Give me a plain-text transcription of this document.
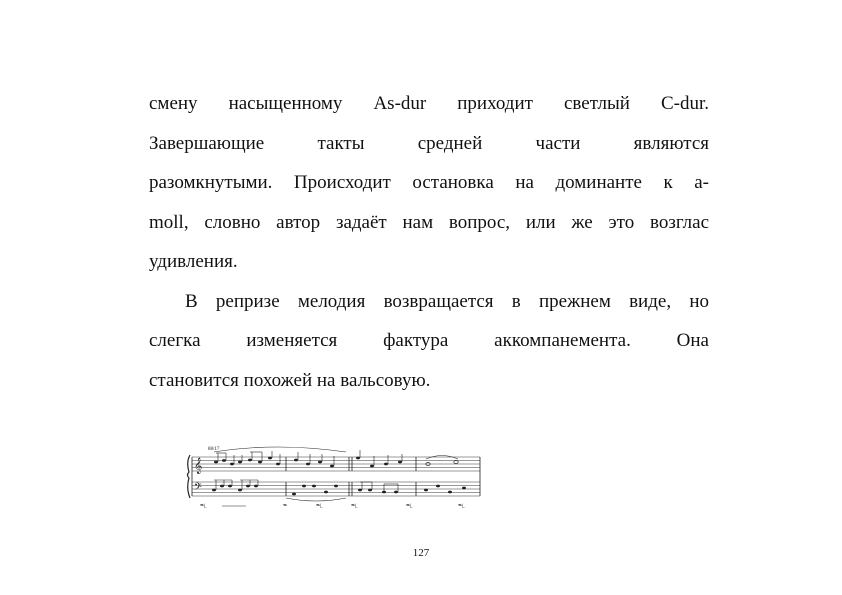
смену насыщенному As-dur приходит светлый C-dur.
Завершающие такты средней части являются
разомкнутыми. Происходит остановка на доминанте к a-
moll, словно автор задаёт нам вопрос, или же это возглас
удивления.

В репризе мелодия возвращается в прежнем виде, но
слегка изменяется фактура аккомпанемента. Она
становится похожей на вальсовую.

88/17
𝄞
𝄢
𝆮𝆃.	𝆮	𝆮𝆃.	𝆮𝆃.	𝆮𝆃.	𝆮𝆃.
127
